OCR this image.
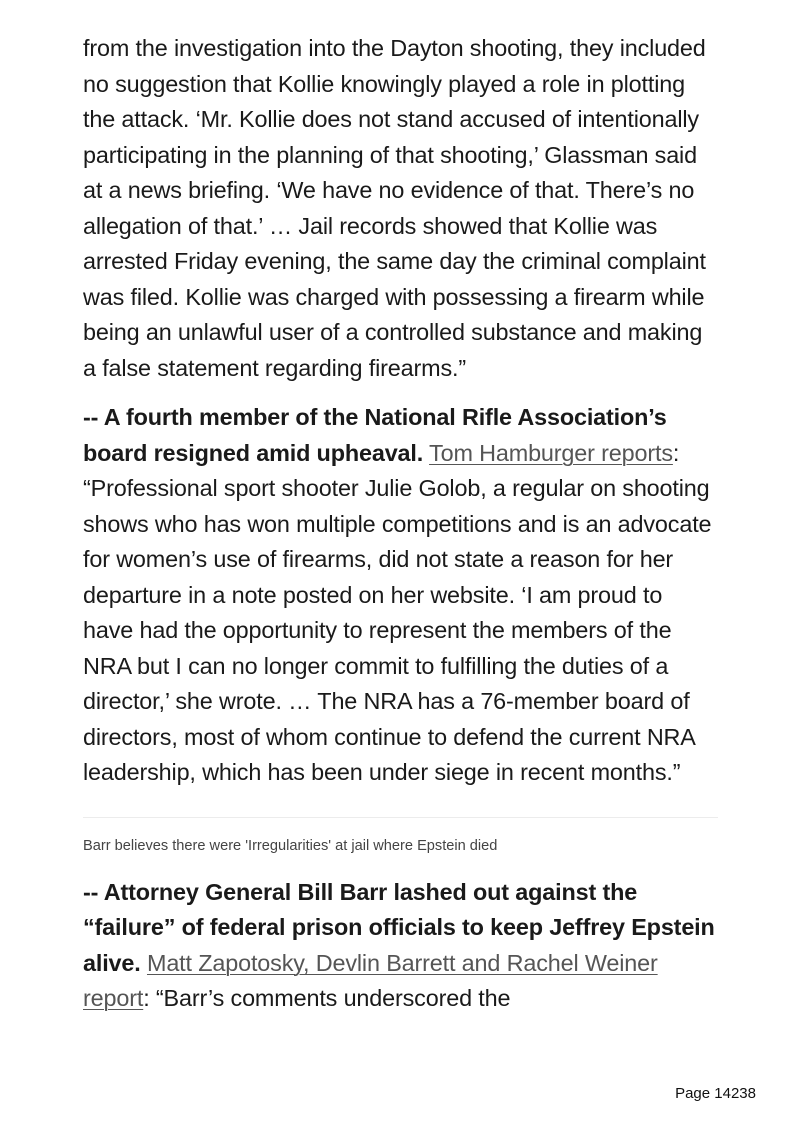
from the investigation into the Dayton shooting, they included no suggestion that Kollie knowingly played a role in plotting the attack. ‘Mr. Kollie does not stand accused of intentionally participating in the planning of that shooting,’ Glassman said at a news briefing. ‘We have no evidence of that. There’s no allegation of that.’ … Jail records showed that Kollie was arrested Friday evening, the same day the criminal complaint was filed. Kollie was charged with possessing a firearm while being an unlawful user of a controlled substance and making a false statement regarding firearms.”

-- A fourth member of the National Rifle Association’s board resigned amid upheaval. Tom Hamburger reports: “Professional sport shooter Julie Golob, a regular on shooting shows who has won multiple competitions and is an advocate for women’s use of firearms, did not state a reason for her departure in a note posted on her website. ‘I am proud to have had the opportunity to represent the members of the NRA but I can no longer commit to fulfilling the duties of a director,’ she wrote. … The NRA has a 76-member board of directors, most of whom continue to defend the current NRA leadership, which has been under siege in recent months.”

Barr believes there were 'Irregularities' at jail where Epstein died

-- Attorney General Bill Barr lashed out against the “failure” of federal prison officials to keep Jeffrey Epstein alive. Matt Zapotosky, Devlin Barrett and Rachel Weiner report: “Barr’s comments underscored the

Page 14238
